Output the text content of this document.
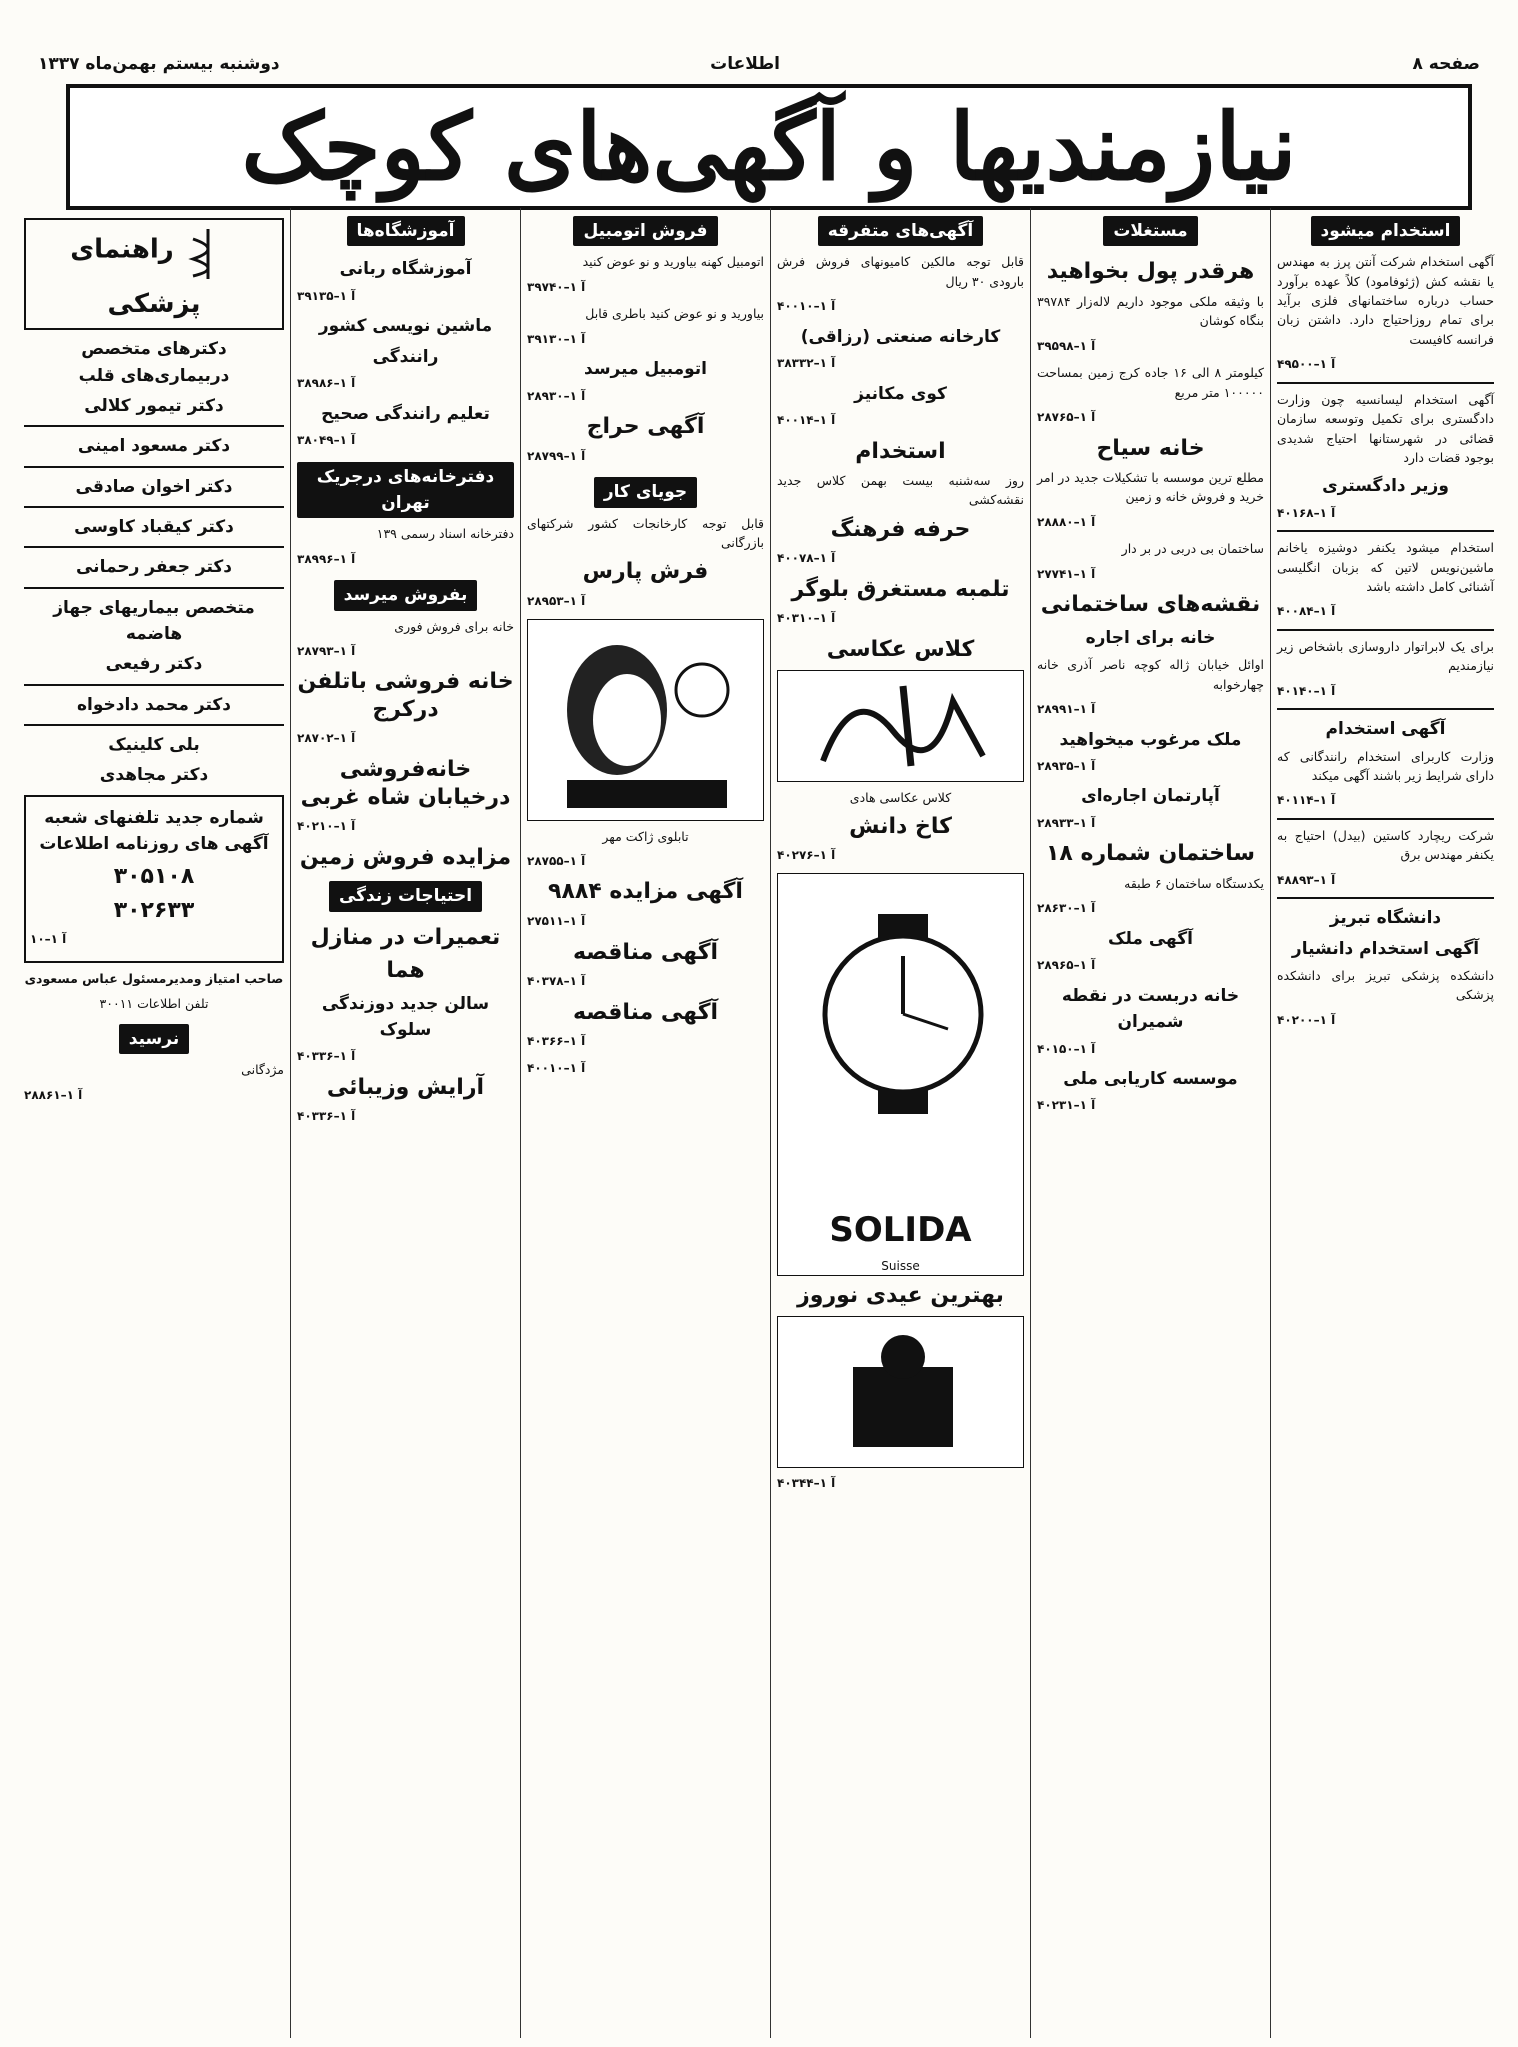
صفحه ۸
اطلاعات
دوشنبه بیستم بهمن‌ماه ۱۳۳۷
نیازمندیها و آگهی‌های کوچک
استخدام میشود

آگهی استخدام شرکت آنتن پرز به مهندس یا نقشه کش (ژئوفامود) کلاً عهده برآورد حساب درباره ساختمانهای فلزی برآید برای تمام روزاحتیاج دارد. داشتن زبان فرانسه کافیست

آ ۱–۴۹۵۰۰

آگهی استخدام لیسانسیه چون وزارت دادگستری برای تکمیل وتوسعه سازمان قضائی در شهرستانها احتیاج شدیدی بوجود قضات دارد

وزیر دادگستری
آ ۱–۴۰۱۶۸

استخدام میشود یکنفر دوشیزه یاخانم ماشین‌نویس لاتین که بزبان انگلیسی آشنائی کامل داشته باشد

آ ۱–۴۰۰۸۴

برای یک لابراتوار داروسازی باشخاص زیر نیازمندیم

آ ۱–۴۰۱۴۰
آگهی استخدام

وزارت کاربرای استخدام رانندگانی که دارای شرایط زیر باشند آگهی میکند

آ ۱–۴۰۱۱۴

شرکت ریچارد کاستین (بیدل) احتیاج به یکنفر مهندس برق

آ ۱–۴۸۸۹۳
دانشگاه تبریز
آگهی استخدام دانشیار

دانشکده پزشکی تبریز برای دانشکده پزشکی

آ ۱–۴۰۲۰۰
مستغلات
هرقدر پول بخواهید

با وثیقه ملکی موجود داریم لاله‌زار ۳۹۷۸۴ بنگاه کوشان

آ ۱–۳۹۵۹۸

کیلومتر ۸ الی ۱۶ جاده کرج زمین بمساحت ۱۰۰۰۰۰ متر مربع

آ ۱–۲۸۷۶۵
خانه سیاح

مطلع ترین موسسه با تشکیلات جدید در امر خرید و فروش خانه و زمین

آ ۱–۲۸۸۸۰

ساختمان بی دربی در بر دار

آ ۱–۲۷۷۴۱
نقشه‌های ساختمانی
خانه برای اجاره

اوائل خیابان ژاله کوچه ناصر آذری خانه چهارخوابه

آ ۱–۲۸۹۹۱
ملک مرغوب میخواهید
آ ۱–۲۸۹۳۵
آپارتمان اجاره‌ای
آ ۱–۲۸۹۳۳
ساختمان شماره ۱۸

یکدستگاه ساختمان ۶ طبقه

آ ۱–۲۸۶۳۰
آگهی ملک
آ ۱–۲۸۹۶۵
خانه دربست در نقطه شمیران
آ ۱–۴۰۱۵۰
موسسه کاریابی ملی
آ ۱–۴۰۲۳۱
آگهی‌های متفرقه

قابل توجه مالکین کامیونهای فروش فرش بارودی ۳۰ ریال

آ ۱–۴۰۰۱۰
کارخانه صنعتی (رزاقی)
آ ۱–۳۸۳۳۲
کوی مکانیز
آ ۱–۴۰۰۱۴
استخدام

روز سه‌شنبه بیست بهمن کلاس جدید نقشه‌کشی

حرفه فرهنگ
آ ۱–۴۰۰۷۸
تلمبه مستغرق بلوگر
آ ۱–۴۰۳۱۰
کلاس عکاسی

کلاس عکاسی هادی

کاخ دانش
آ ۱–۴۰۲۷۶
SOLIDA
Suisse
بهترین عیدی نوروز
آ ۱–۴۰۳۴۴
فروش اتومبیل

اتومبیل کهنه بیاورید و نو عوض کنید

آ ۱–۳۹۷۴۰

بیاورید و نو عوض کنید باطری قابل

آ ۱–۳۹۱۳۰
اتومبیل میرسد
آ ۱–۲۸۹۳۰
آگهی حراج
آ ۱–۲۸۷۹۹
جویای کار

قابل توجه کارخانجات کشور شرکتهای بازرگانی

فرش پارس
آ ۱–۲۸۹۵۳

تابلوی ژاکت مهر

آ ۱–۲۸۷۵۵
آگهی مزایده ۹۸۸۴
آ ۱–۲۷۵۱۱
آگهی مناقصه
آ ۱–۴۰۳۷۸
آگهی مناقصه
آ ۱–۴۰۳۶۶
آ ۱–۴۰۰۱۰
آموزشگاه‌ها
آموزشگاه ربانی
آ ۱–۳۹۱۳۵
ماشین نویسی کشور
رانندگی
آ ۱–۳۸۹۸۶
تعلیم رانندگی صحیح
آ ۱–۳۸۰۴۹
دفترخانه‌های درجریک تهران

دفترخانه اسناد رسمی ۱۳۹

آ ۱–۳۸۹۹۶
بفروش میرسد

خانه برای فروش فوری

آ ۱–۲۸۷۹۳
خانه فروشی باتلفن درکرج
آ ۱–۲۸۷۰۲
خانه‌فروشی درخیابان شاه غربی
آ ۱–۴۰۲۱۰
مزایده فروش زمین
احتیاجات زندگی
تعمیرات در منازل
هما
سالن جدید دوزندگی سلوک
آ ۱–۴۰۳۳۶
آرایش وزیبائی
آ ۱–۴۰۳۳۶
راهنمای پزشکی
دکترهای متخصص دربیماری‌های قلب
دکتر تیمور کلالی
دکتر مسعود امینی
دکتر اخوان صادقی
دکتر کیقباد کاوسی
دکتر جعفر رحمانی
متخصص بیماریهای جهاز هاضمه
دکتر رفیعی
دکتر محمد دادخواه
بلی کلینیک
دکتر مجاهدی
شماره جدید تلفنهای شعبه آگهی های روزنامه اطلاعات
۳۰۵۱۰۸
۳۰۲۶۳۳
آ ۱–۱۰

صاحب امتیاز ومدیرمسئول عباس مسعودی

تلفن اطلاعات ۳۰۰۱۱

نرسید

مژدگانی

آ ۱–۲۸۸۶۱
